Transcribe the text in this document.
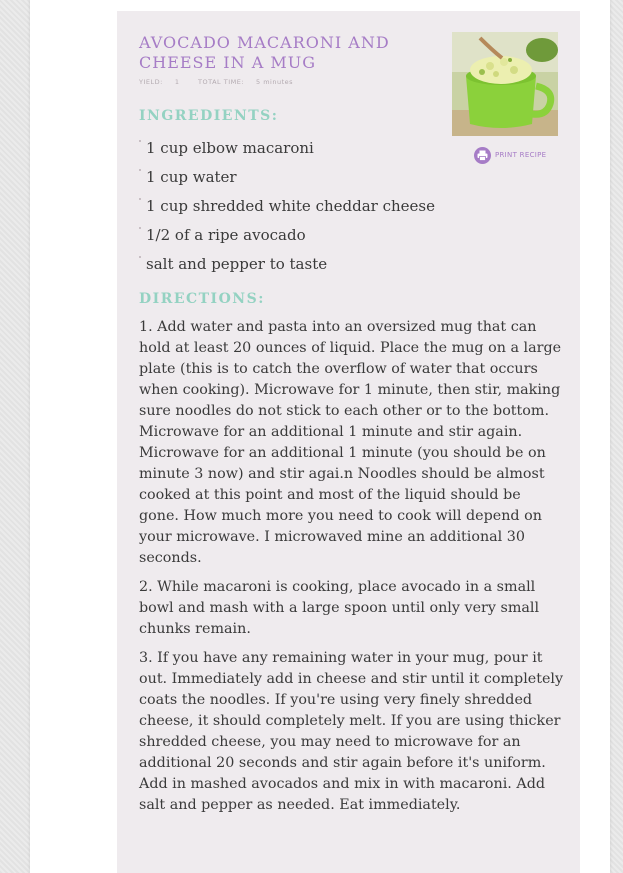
AVOCADO MACARONI AND CHEESE IN A MUG
YIELD: 1	TOTAL TIME: 5 minutes
PRINT RECIPE
INGREDIENTS:
1 cup elbow macaroni
1 cup water
1 cup shredded white cheddar cheese
1/2 of a ripe avocado
salt and pepper to taste
DIRECTIONS:

1. Add water and pasta into an oversized mug that can hold at least 20 ounces of liquid. Place the mug on a large plate (this is to catch the overflow of water that occurs when cooking). Microwave for 1 minute, then stir, making sure noodles do not stick to each other or to the bottom. Microwave for an additional 1 minute and stir again. Microwave for an additional 1 minute (you should be on minute 3 now) and stir agai.n Noodles should be almost cooked at this point and most of the liquid should be gone. How much more you need to cook will depend on your microwave. I microwaved mine an additional 30 seconds.

2. While macaroni is cooking, place avocado in a small bowl and mash with a large spoon until only very small chunks remain.

3. If you have any remaining water in your mug, pour it out. Immediately add in cheese and stir until it completely coats the noodles. If you're using very finely shredded cheese, it should completely melt. If you are using thicker shredded cheese, you may need to microwave for an additional 20 seconds and stir again before it's uniform. Add in mashed avocados and mix in with macaroni. Add salt and pepper as needed. Eat immediately.
